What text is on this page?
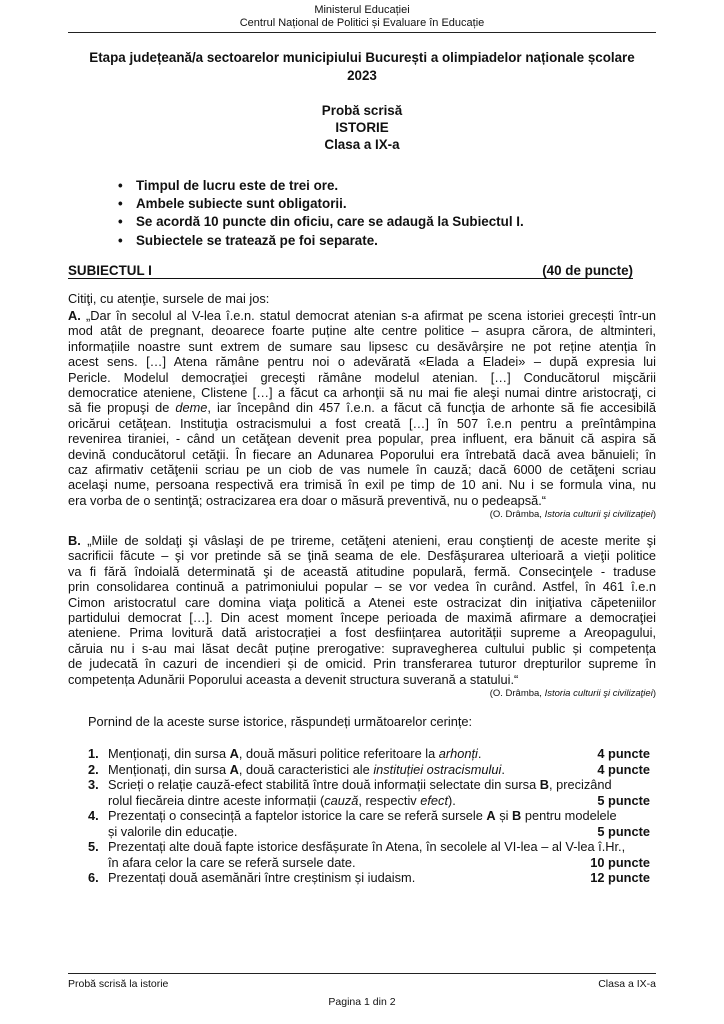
Ministerul Educației
Centrul Național de Politici și Evaluare în Educație
Etapa județeană/a sectoarelor municipiului București a olimpiadelor naționale școlare
2023
Probă scrisă
ISTORIE
Clasa a IX-a
• Timpul de lucru este de trei ore.
• Ambele subiecte sunt obligatorii.
• Se acordă 10 puncte din oficiu, care se adaugă la Subiectul I.
• Subiectele se tratează pe foi separate.
SUBIECTUL I	(40 de puncte)
Citiţi, cu atenţie, sursele de mai jos:
A. „Dar în secolul al V-lea î.e.n. statul democrat atenian s-a afirmat pe scena istoriei grecești într-un
mod atât de pregnant, deoarece foarte puține alte centre politice – asupra cărora, de altminteri,
informațiile noastre sunt extrem de sumare sau lipsesc cu desăvârșire ne pot reține atenția în
acest sens. […] Atena rămâne pentru noi o adevărată «Elada a Eladei» – după expresia lui
Pericle. Modelul democraţiei greceşti rămâne modelul atenian. […] Conducătorul mişcării
democratice ateniene, Clistene […] a făcut ca arhonţii să nu mai fie aleşi numai dintre aristocraţi, ci
să fie propuşi de deme, iar începând din 457 î.e.n. a făcut că funcţia de arhonte să fie accesibilă
oricărui cetăţean. Instituţia ostracismului a fost creată […] în 507 î.e.n pentru a preîntâmpina
revenirea tiraniei, - când un cetăţean devenit prea popular, prea influent, era bănuit că aspira să
devină conducătorul cetăţii. În fiecare an Adunarea Poporului era întrebată dacă avea bănuieli; în
caz afirmativ cetăţenii scriau pe un ciob de vas numele în cauză; dacă 6000 de cetăţeni scriau
acelaşi nume, persoana respectivă era trimisă în exil pe timp de 10 ani. Nu i se formula vina, nu
era vorba de o sentinţă; ostracizarea era doar o măsură preventivă, nu o pedeapsă.“
(O. Drâmba, Istoria culturii şi civilizaţiei)
B. „Miile de soldaţi şi vâslaşi de pe trireme, cetăţeni atenieni, erau conştienţi de aceste merite şi
sacrificii făcute – şi vor pretinde să se ţină seama de ele. Desfăşurarea ulterioară a vieţii politice
va fi fără îndoială determinată şi de această atitudine populară, fermă. Consecinţele - traduse
prin consolidarea continuă a patrimoniului popular – se vor vedea în curând. Astfel, în 461 î.e.n
Cimon aristocratul care domina viaţa politică a Atenei este ostracizat din iniţiativa căpeteniilor
partidului democrat […]. Din acest moment începe perioada de maximă afirmare a democraţiei
ateniene. Prima lovitură dată aristocrației a fost desființarea autorității supreme a Areopagului,
căruia nu i s-au mai lăsat decât puține prerogative: supravegherea cultului public și competența
de judecată în cazuri de incendieri și de omicid. Prin transferarea tuturor drepturilor supreme în
competența Adunării Poporului aceasta a devenit structura suverană a statului.“
(O. Drâmba, Istoria culturii şi civilizaţiei)
Pornind de la aceste surse istorice, răspundeți următoarelor cerințe:
1. Menționați, din sursa A, două măsuri politice referitoare la arhonți.	4 puncte
2. Menționați, din sursa A, două caracteristici ale instituției ostracismului.	4 puncte
3. Scrieți o relație cauză-efect stabilită între două informații selectate din sursa B, precizând
rolul fiecăreia dintre aceste informații (cauză, respectiv efect).	5 puncte
4. Prezentați o consecință a faptelor istorice la care se referă sursele A și B pentru modelele
și valorile din educație.	5 puncte
5. Prezentați alte două fapte istorice desfășurate în Atena, în secolele al VI-lea – al V-lea î.Hr.,
în afara celor la care se referă sursele date.	10 puncte
6. Prezentați două asemănări între creștinism și iudaism.	12 puncte
Probă scrisă la istorie	Clasa a IX-a
Pagina 1 din 2
